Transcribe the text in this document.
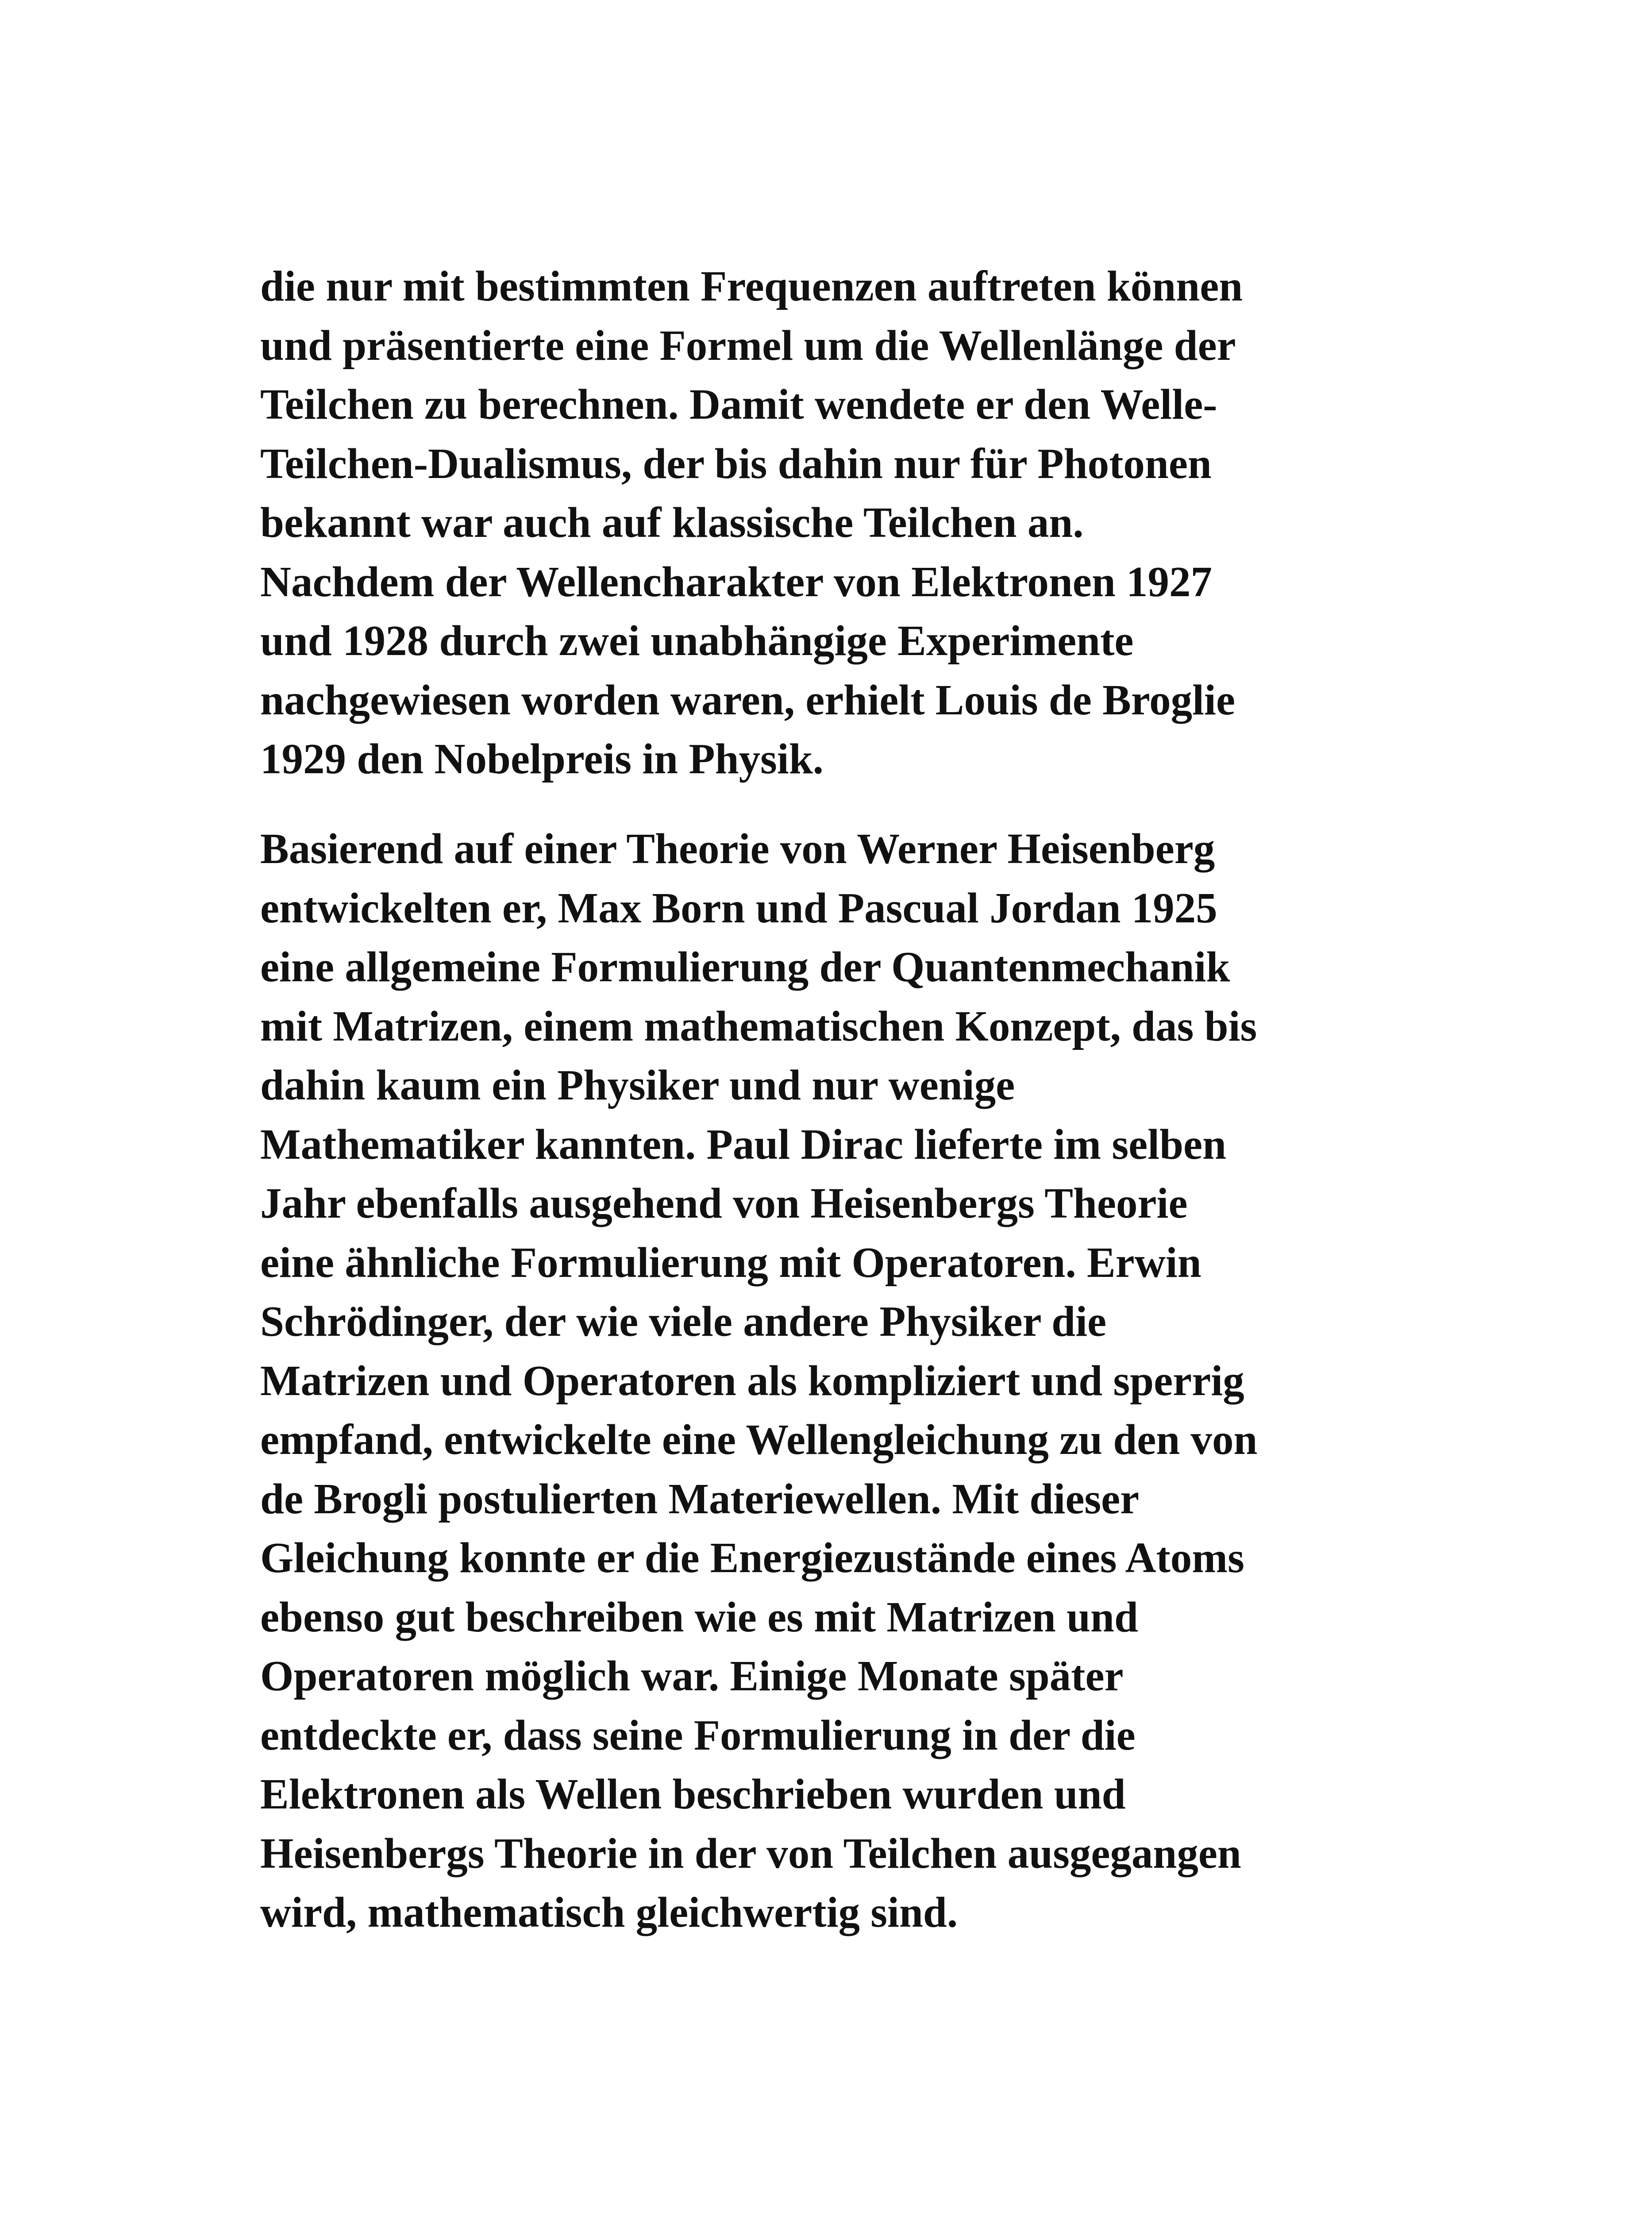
die nur mit bestimmten Frequenzen auftreten können
und präsentierte eine Formel um die Wellenlänge der
Teilchen zu berechnen. Damit wendete er den Welle-
Teilchen-Dualismus, der bis dahin nur für Photonen
bekannt war auch auf klassische Teilchen an.
Nachdem der Wellencharakter von Elektronen 1927
und 1928 durch zwei unabhängige Experimente
nachgewiesen worden waren, erhielt Louis de Broglie
1929 den Nobelpreis in Physik.
Basierend auf einer Theorie von Werner Heisenberg
entwickelten er, Max Born und Pascual Jordan 1925
eine allgemeine Formulierung der Quantenmechanik
mit Matrizen, einem mathematischen Konzept, das bis
dahin kaum ein Physiker und nur wenige
Mathematiker kannten. Paul Dirac lieferte im selben
Jahr ebenfalls ausgehend von Heisenbergs Theorie
eine ähnliche Formulierung mit Operatoren. Erwin
Schrödinger, der wie viele andere Physiker die
Matrizen und Operatoren als kompliziert und sperrig
empfand, entwickelte eine Wellengleichung zu den von
de Brogli postulierten Materiewellen. Mit dieser
Gleichung konnte er die Energiezustände eines Atoms
ebenso gut beschreiben wie es mit Matrizen und
Operatoren möglich war. Einige Monate später
entdeckte er, dass seine Formulierung in der die
Elektronen als Wellen beschrieben wurden und
Heisenbergs Theorie in der von Teilchen ausgegangen
wird, mathematisch gleichwertig sind.
